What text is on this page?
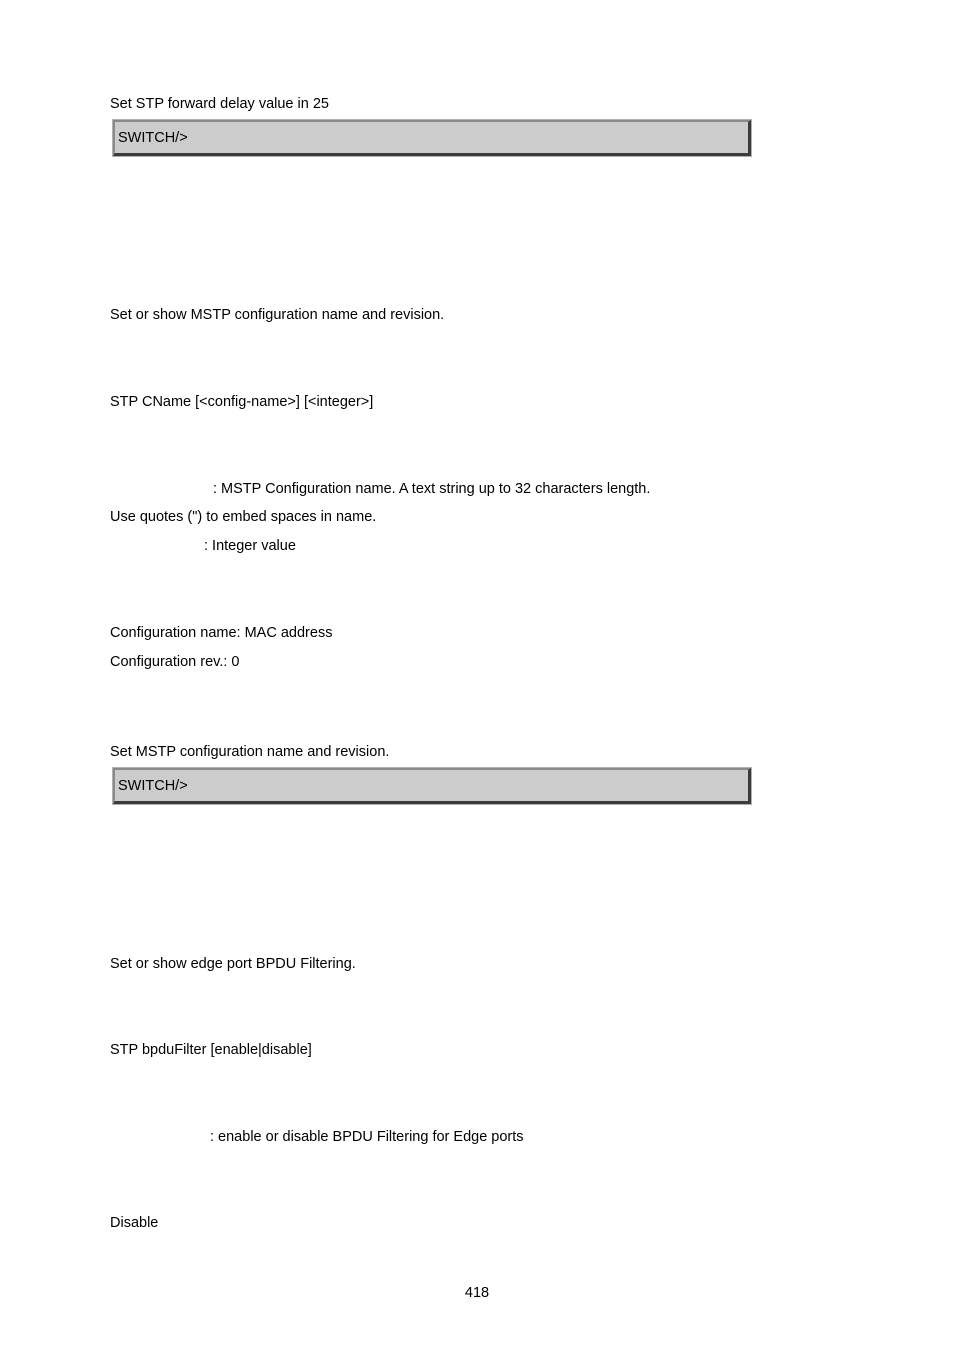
Set STP forward delay value in 25
SWITCH/>
Set or show MSTP configuration name and revision.
STP CName [<config-name>] [<integer>]
: MSTP Configuration name. A text string up to 32 characters length.
Use quotes (") to embed spaces in name.
: Integer value
Configuration name: MAC address
Configuration rev.: 0
Set MSTP configuration name and revision.
SWITCH/>
Set or show edge port BPDU Filtering.
STP bpduFilter [enable|disable]
: enable or disable BPDU Filtering for Edge ports
Disable
418
